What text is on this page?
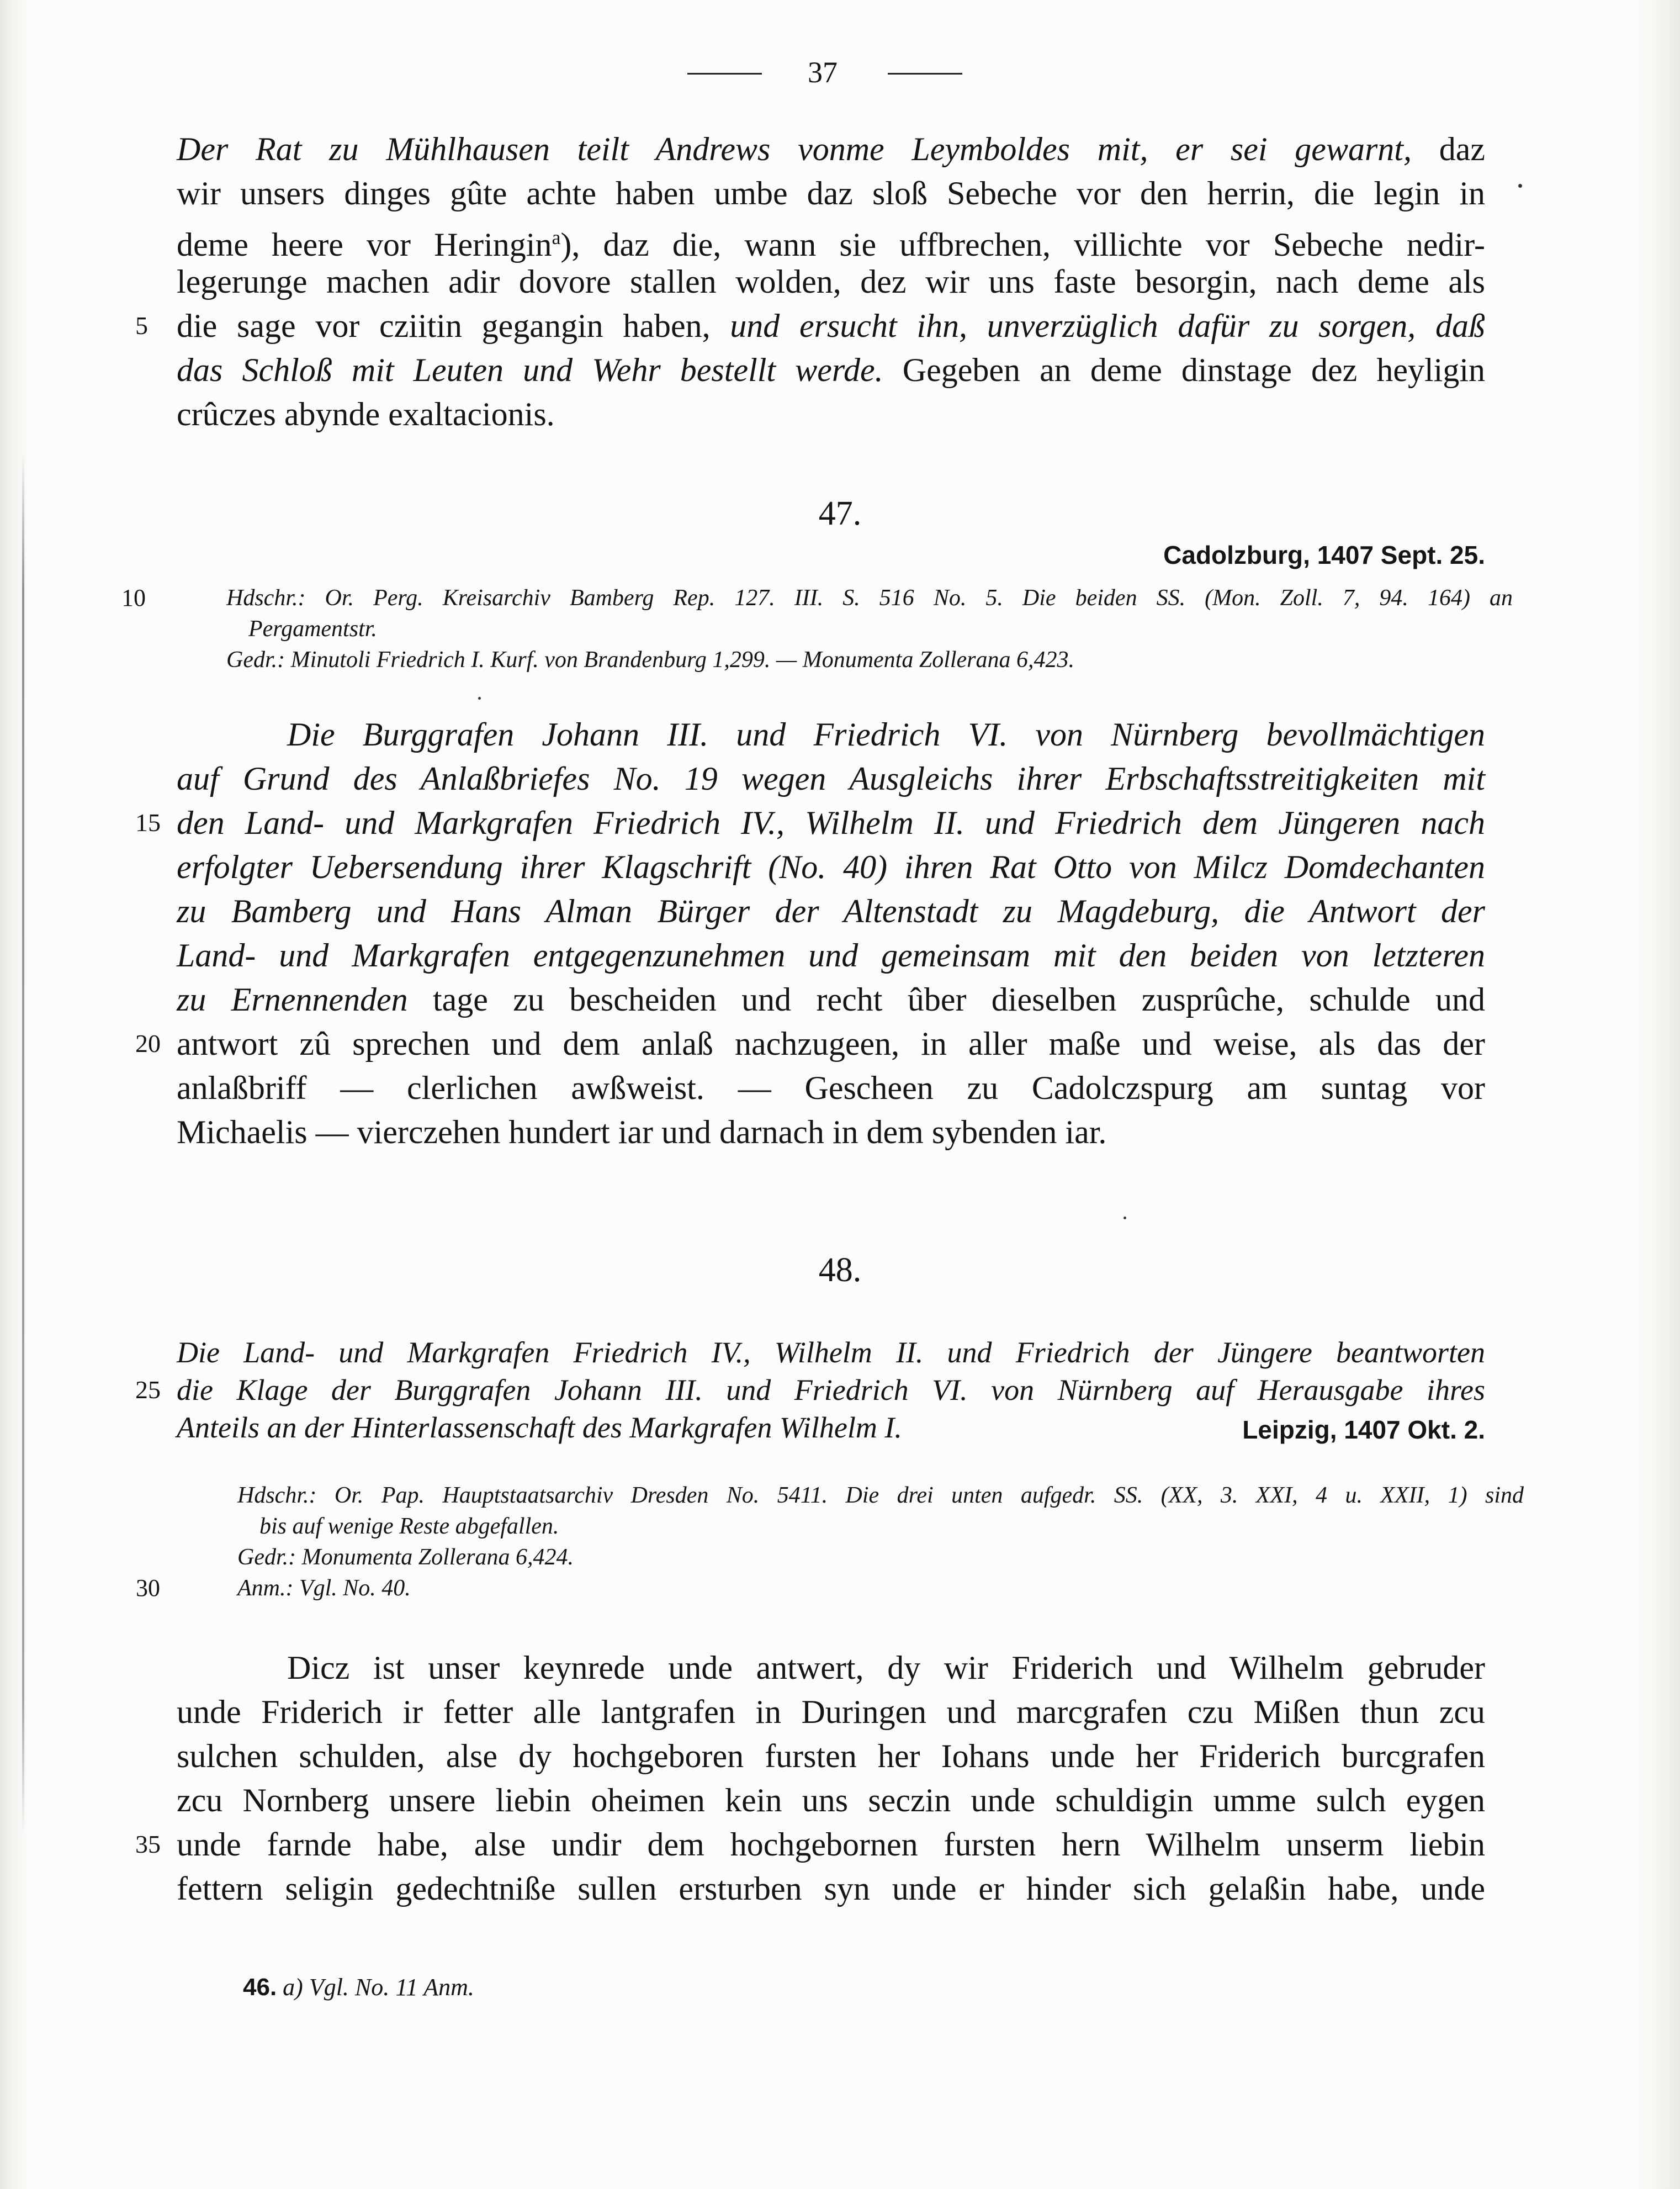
37
Der Rat zu Mühlhausen teilt Andrews vonme Leymboldes mit, er sei gewarnt, daz
wir unsers dinges gûte achte haben umbe daz sloß Sebeche vor den herrin, die legin in
deme heere vor Heringin$^a$), daz die, wann sie uffbrechen, villichte vor Sebeche nedir-
legerunge machen adir dovore stallen wolden, dez wir uns faste besorgin, nach deme als
5 die sage vor cziitin gegangin haben, und ersucht ihn, unverzüglich dafür zu sorgen, daß
das Schloß mit Leuten und Wehr bestellt werde. Gegeben an deme dinstage dez heyligin
crûczes abynde exaltacionis.
47.
Cadolzburg, 1407 Sept. 25.
10	Hdschr.: Or. Perg. Kreisarchiv Bamberg Rep. 127. III. S. 516 No. 5. Die beiden SS. (Mon. Zoll. 7, 94. 164) an
Pergamentstr.
Gedr.: Minutoli Friedrich I. Kurf. von Brandenburg 1,299. — Monumenta Zollerana 6,423.
Die Burggrafen Johann III. und Friedrich VI. von Nürnberg bevollmächtigen
auf Grund des Anlaßbriefes No. 19 wegen Ausgleichs ihrer Erbschaftsstreitigkeiten mit
15 den Land- und Markgrafen Friedrich IV., Wilhelm II. und Friedrich dem Jüngeren nach
erfolgter Uebersendung ihrer Klagschrift (No. 40) ihren Rat Otto von Milcz Domdechanten
zu Bamberg und Hans Alman Bürger der Altenstadt zu Magdeburg, die Antwort der
Land- und Markgrafen entgegenzunehmen und gemeinsam mit den beiden von letzteren
zu Ernennenden tage zu bescheiden und recht ûber dieselben zusprûche, schulde und
20 antwort zû sprechen und dem anlaß nachzugeen, in aller maße und weise, als das der
anlaßbriff — clerlichen awßweist. — Gescheen zu Cadolczspurg am suntag vor
Michaelis — vierczehen hundert iar und darnach in dem sybenden iar.
48.
Die Land- und Markgrafen Friedrich IV., Wilhelm II. und Friedrich der Jüngere beantworten
25 die Klage der Burggrafen Johann III. und Friedrich VI. von Nürnberg auf Herausgabe ihres
Anteils an der Hinterlassenschaft des Markgrafen Wilhelm I.	Leipzig, 1407 Okt. 2.
Hdschr.: Or. Pap. Hauptstaatsarchiv Dresden No. 5411. Die drei unten aufgedr. SS. (XX, 3. XXI, 4 u. XXII, 1) sind
bis auf wenige Reste abgefallen.
Gedr.: Monumenta Zollerana 6,424.
30	Anm.: Vgl. No. 40.
Dicz ist unser keynrede unde antwert, dy wir Friderich und Wilhelm gebruder
unde Friderich ir fetter alle lantgrafen in Duringen und marcgrafen czu Mißen thun zcu
sulchen schulden, alse dy hochgeboren fursten her Iohans unde her Friderich burcgrafen
zcu Nornberg unsere liebin oheimen kein uns seczin unde schuldigin umme sulch eygen
35 unde farnde habe, alse undir dem hochgebornen fursten hern Wilhelm unserm liebin
fettern seligin gedechtniße sullen ersturben syn unde er hinder sich gelaßin habe, unde
46. a) Vgl. No. 11 Anm.
